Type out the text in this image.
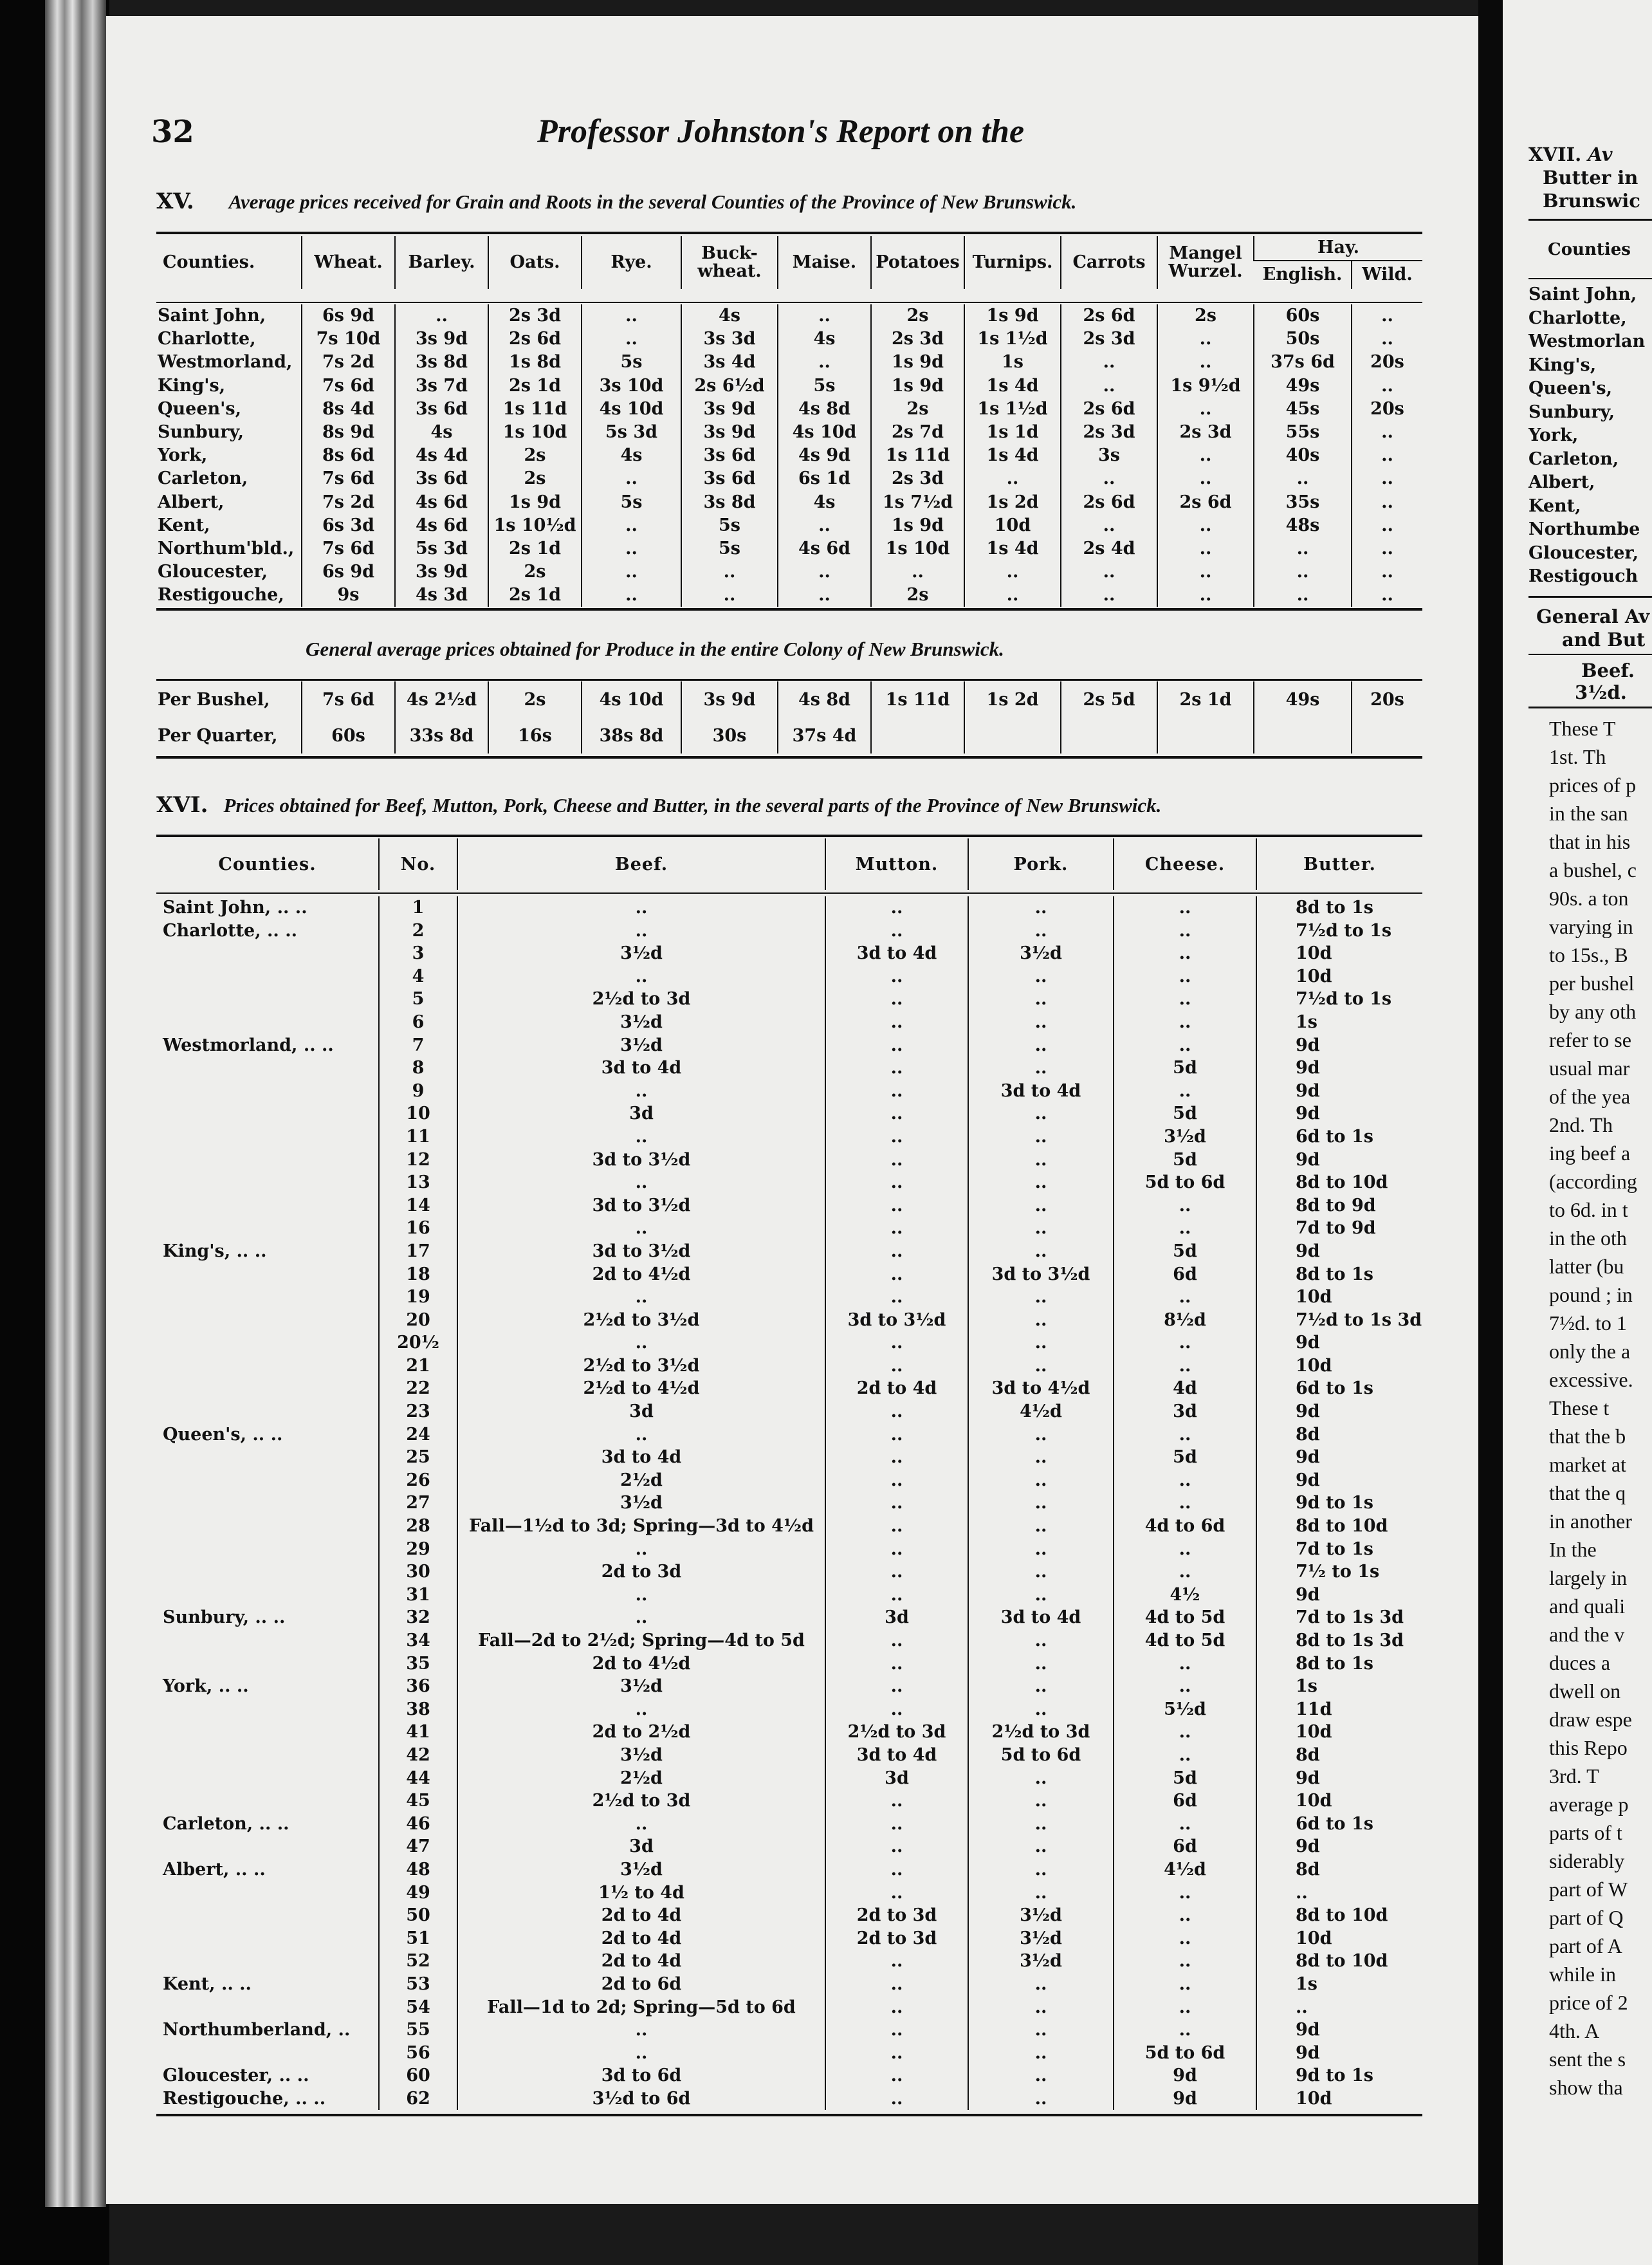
32	Professor Johnston's Report on the
XV. Average prices received for Grain and Roots in the several Counties of the Province of New Brunswick.
Counties.	Wheat.	Barley.	Oats.	Rye.	Buck-wheat.	Maise.	Potatoes	Turnips.	Carrots	Mangel Wurzel.	Hay.	
											English.	Wild.
Saint John,	6s 9d	..	2s 3d	..	4s	..	2s	1s 9d	2s 6d	2s	60s	..
Charlotte,	7s 10d	3s 9d	2s 6d	..	3s 3d	4s	2s 3d	1s 1½d	2s 3d	..	50s	..
Westmorland,	7s 2d	3s 8d	1s 8d	5s	3s 4d	..	1s 9d	1s	..	..	37s 6d	20s
King's,	7s 6d	3s 7d	2s 1d	3s 10d	2s 6½d	5s	1s 9d	1s 4d	..	1s 9½d	49s	..
Queen's,	8s 4d	3s 6d	1s 11d	4s 10d	3s 9d	4s 8d	2s	1s 1½d	2s 6d	..	45s	20s
Sunbury,	8s 9d	4s	1s 10d	5s 3d	3s 9d	4s 10d	2s 7d	1s 1d	2s 3d	2s 3d	55s	..
York,	8s 6d	4s 4d	2s	4s	3s 6d	4s 9d	1s 11d	1s 4d	3s	..	40s	..
Carleton,	7s 6d	3s 6d	2s	..	3s 6d	6s 1d	2s 3d	..	..	..	..	..
Albert,	7s 2d	4s 6d	1s 9d	5s	3s 8d	4s	1s 7½d	1s 2d	2s 6d	2s 6d	35s	..
Kent,	6s 3d	4s 6d	1s 10½d	..	5s	..	1s 9d	10d	..	..	48s	..
Northum'bld.,	7s 6d	5s 3d	2s 1d	..	5s	4s 6d	1s 10d	1s 4d	2s 4d	..	..	..
Gloucester,	6s 9d	3s 9d	2s	..	..	..	..	..	..	..	..	..
Restigouche,	9s	4s 3d	2s 1d	..	..	..	2s	..	..	..	..	..
General average prices obtained for Produce in the entire Colony of New Brunswick.
Per Bushel,	7s 6d	4s 2½d	2s	4s 10d	3s 9d	4s 8d	1s 11d	1s 2d	2s 5d	2s 1d	49s	20s
Per Quarter,	60s	33s 8d	16s	38s 8d	30s	37s 4d						
XVI. Prices obtained for Beef, Mutton, Pork, Cheese and Butter, in the several parts of the Province of New Brunswick.
Counties.	No.	Beef.	Mutton.	Pork.	Cheese.	Butter.
Saint John, .. ..	1	..	..	..	..	8d to 1s
Charlotte, .. ..	2	..	..	..	..	7½d to 1s
	3	3½d	3d to 4d	3½d	..	10d
	4	..	..	..	..	10d
	5	2½d to 3d	..	..	..	7½d to 1s
	6	3½d	..	..	..	1s
Westmorland, .. ..	7	3½d	..	..	..	9d
	8	3d to 4d	..	..	5d	9d
	9	..	..	3d to 4d	..	9d
	10	3d	..	..	5d	9d
	11	..	..	..	3½d	6d to 1s
	12	3d to 3½d	..	..	5d	9d
	13	..	..	..	5d to 6d	8d to 10d
	14	3d to 3½d	..	..	..	8d to 9d
	16	..	..	..	..	7d to 9d
King's, .. ..	17	3d to 3½d	..	..	5d	9d
	18	2d to 4½d	..	3d to 3½d	6d	8d to 1s
	19	..	..	..	..	10d
	20	2½d to 3½d	3d to 3½d	..	8½d	7½d to 1s 3d
	20½	..	..	..	..	9d
	21	2½d to 3½d	..	..	..	10d
	22	2½d to 4½d	2d to 4d	3d to 4½d	4d	6d to 1s
	23	3d	..	4½d	3d	9d
Queen's, .. ..	24	..	..	..	..	8d
	25	3d to 4d	..	..	5d	9d
	26	2½d	..	..	..	9d
	27	3½d	..	..	..	9d to 1s
	28	Fall—1½d to 3d; Spring—3d to 4½d	..	..	4d to 6d	8d to 10d
	29	..	..	..	..	7d to 1s
	30	2d to 3d	..	..	..	7½ to 1s
	31	..	..	..	4½	9d
Sunbury, .. ..	32	..	3d	3d to 4d	4d to 5d	7d to 1s 3d
	34	Fall—2d to 2½d; Spring—4d to 5d	..	..	4d to 5d	8d to 1s 3d
	35	2d to 4½d	..	..	..	8d to 1s
York, .. ..	36	3½d	..	..	..	1s
	38	..	..	..	5½d	11d
	41	2d to 2½d	2½d to 3d	2½d to 3d	..	10d
	42	3½d	3d to 4d	5d to 6d	..	8d
	44	2½d	3d	..	5d	9d
	45	2½d to 3d	..	..	6d	10d
Carleton, .. ..	46	..	..	..	..	6d to 1s
	47	3d	..	..	6d	9d
Albert, .. ..	48	3½d	..	..	4½d	8d
	49	1½ to 4d	..	..	..	..
	50	2d to 4d	2d to 3d	3½d	..	8d to 10d
	51	2d to 4d	2d to 3d	3½d	..	10d
	52	2d to 4d	..	3½d	..	8d to 10d
Kent, .. ..	53	2d to 6d	..	..	..	1s
	54	Fall—1d to 2d; Spring—5d to 6d	..	..	..	..
Northumberland, ..	55	..	..	..	..	9d
	56	..	..	..	5d to 6d	9d
Gloucester, .. ..	60	3d to 6d	..	..	9d	9d to 1s
Restigouche, .. ..	62	3½d to 6d	..	..	9d	10d
XVII. Av
Butter in
Brunswic
Counties
Saint John,
Charlotte,
Westmorlan
King's,
Queen's,
Sunbury,
York,
Carleton,
Albert,
Kent,
Northumbe
Gloucester,
Restigouch
General Av
and But
Beef.
3½d.
These T
1st. Th
prices of p
in the san
that in his
a bushel, c
90s. a ton
varying in
to 15s., B
per bushel
by any oth
refer to se
usual mar
of the yea
2nd. Th
ing beef a
(according
to 6d. in t
in the oth
latter (bu
pound ; in
7½d. to 1
only the a
excessive.
These t
that the b
market at
that the q
in another
In the
largely in
and quali
and the v
duces a
dwell on
draw espe
this Repo
3rd. T
average p
parts of t
siderably
part of W
part of Q
part of A
while in
price of 2
4th. A
sent the s
show tha
